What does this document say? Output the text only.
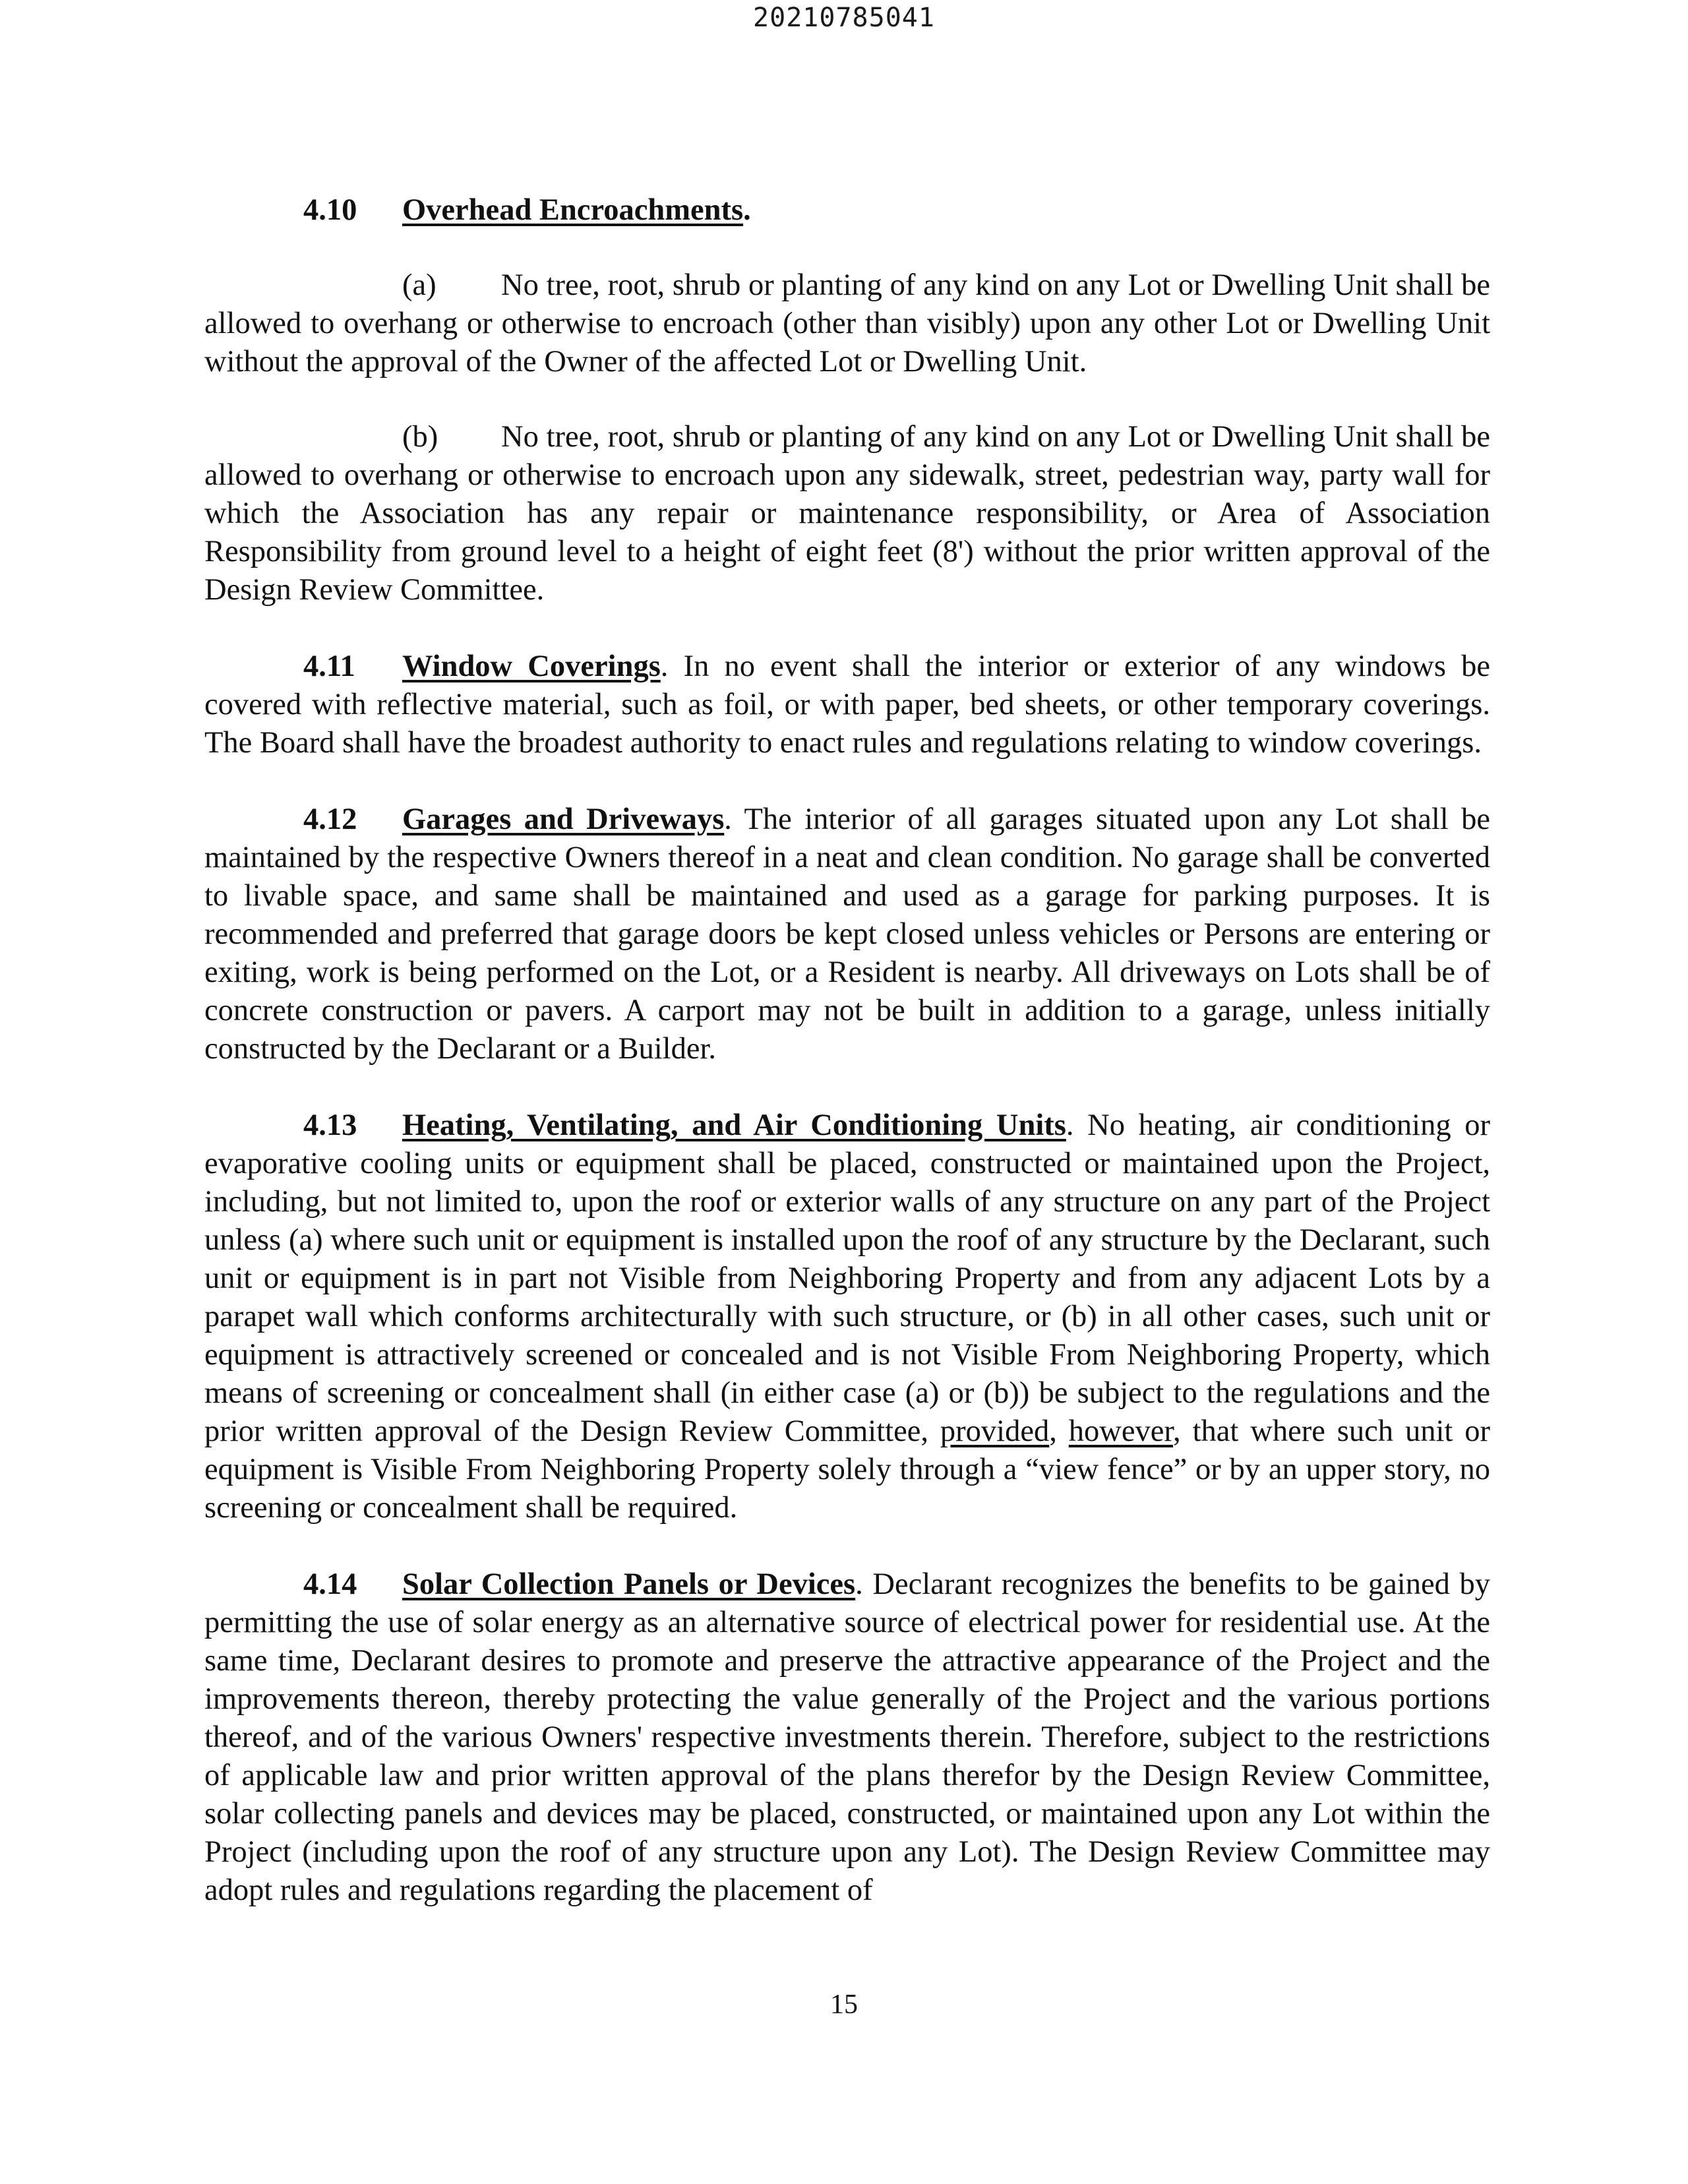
20210785041

4.10 Overhead Encroachments.

(a) No tree, root, shrub or planting of any kind on any Lot or Dwelling Unit shall be allowed to overhang or otherwise to encroach (other than visibly) upon any other Lot or Dwelling Unit without the approval of the Owner of the affected Lot or Dwelling Unit.

(b) No tree, root, shrub or planting of any kind on any Lot or Dwelling Unit shall be allowed to overhang or otherwise to encroach upon any sidewalk, street, pedestrian way, party wall for which the Association has any repair or maintenance responsibility, or Area of Association Responsibility from ground level to a height of eight feet (8') without the prior written approval of the Design Review Committee.

4.11 Window Coverings. In no event shall the interior or exterior of any windows be covered with reflective material, such as foil, or with paper, bed sheets, or other temporary coverings. The Board shall have the broadest authority to enact rules and regulations relating to window coverings.

4.12 Garages and Driveways. The interior of all garages situated upon any Lot shall be maintained by the respective Owners thereof in a neat and clean condition. No garage shall be converted to livable space, and same shall be maintained and used as a garage for parking purposes. It is recommended and preferred that garage doors be kept closed unless vehicles or Persons are entering or exiting, work is being performed on the Lot, or a Resident is nearby. All driveways on Lots shall be of concrete construction or pavers. A carport may not be built in addition to a garage, unless initially constructed by the Declarant or a Builder.

4.13 Heating, Ventilating, and Air Conditioning Units. No heating, air conditioning or evaporative cooling units or equipment shall be placed, constructed or maintained upon the Project, including, but not limited to, upon the roof or exterior walls of any structure on any part of the Project unless (a) where such unit or equipment is installed upon the roof of any structure by the Declarant, such unit or equipment is in part not Visible from Neighboring Property and from any adjacent Lots by a parapet wall which conforms architecturally with such structure, or (b) in all other cases, such unit or equipment is attractively screened or concealed and is not Visible From Neighboring Property, which means of screening or concealment shall (in either case (a) or (b)) be subject to the regulations and the prior written approval of the Design Review Committee, provided, however, that where such unit or equipment is Visible From Neighboring Property solely through a “view fence” or by an upper story, no screening or concealment shall be required.

4.14 Solar Collection Panels or Devices. Declarant recognizes the benefits to be gained by permitting the use of solar energy as an alternative source of electrical power for residential use. At the same time, Declarant desires to promote and preserve the attractive appearance of the Project and the improvements thereon, thereby protecting the value generally of the Project and the various portions thereof, and of the various Owners' respective investments therein. Therefore, subject to the restrictions of applicable law and prior written approval of the plans therefor by the Design Review Committee, solar collecting panels and devices may be placed, constructed, or maintained upon any Lot within the Project (including upon the roof of any structure upon any Lot). The Design Review Committee may adopt rules and regulations regarding the placement of

15
